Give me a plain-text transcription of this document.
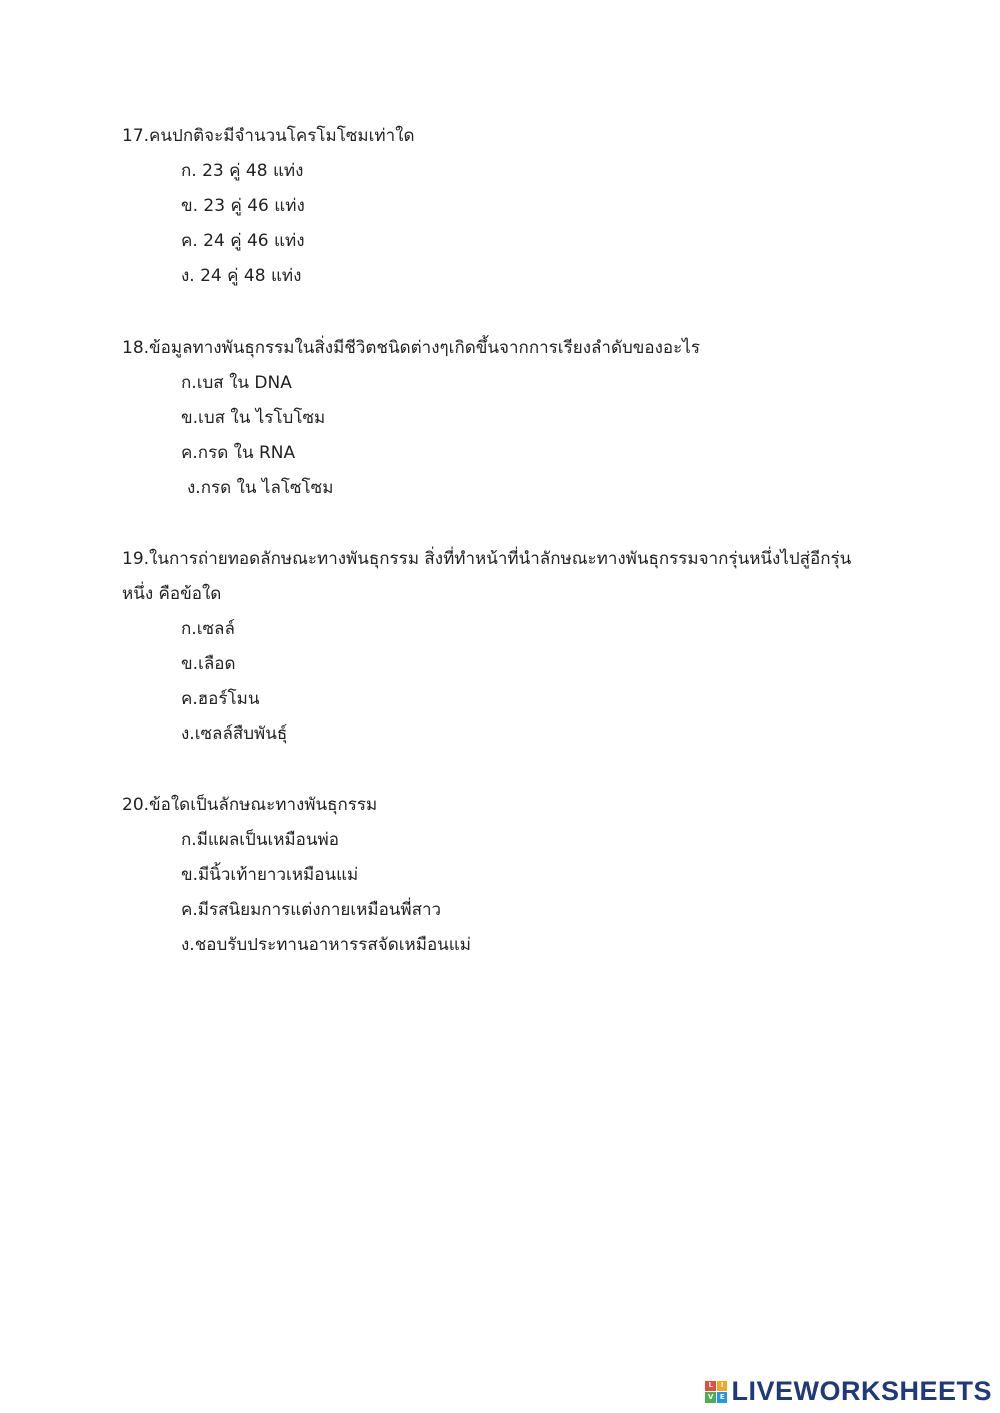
17.คนปกติจะมีจำนวนโครโมโซมเท่าใด

ก. 23 คู่ 48 แท่ง
ข. 23 คู่ 46 แท่ง
ค. 24 คู่ 46 แท่ง
ง. 24 คู่ 48 แท่ง

18.ข้อมูลทางพันธุกรรมในสิ่งมีชีวิตชนิดต่างๆเกิดขึ้นจากการเรียงลำดับของอะไร

ก.เบส ใน DNA
ข.เบส ใน ไรโบโซม
ค.กรด ใน RNA
ง.กรด ใน ไลโซโซม

19.ในการถ่ายทอดลักษณะทางพันธุกรรม สิ่งที่ทำหน้าที่นำลักษณะทางพันธุกรรมจากรุ่นหนึ่งไปสู่อีกรุ่นหนึ่ง คือข้อใด

ก.เซลล์
ข.เลือด
ค.ฮอร์โมน
ง.เซลล์สืบพันธุ์

20.ข้อใดเป็นลักษณะทางพันธุกรรม

ก.มีแผลเป็นเหมือนพ่อ
ข.มีนิ้วเท้ายาวเหมือนแม่
ค.มีรสนิยมการแต่งกายเหมือนพี่สาว
ง.ชอบรับประทานอาหารรสจัดเหมือนแม่
L	I
V E LIVEWORKSHEETS
